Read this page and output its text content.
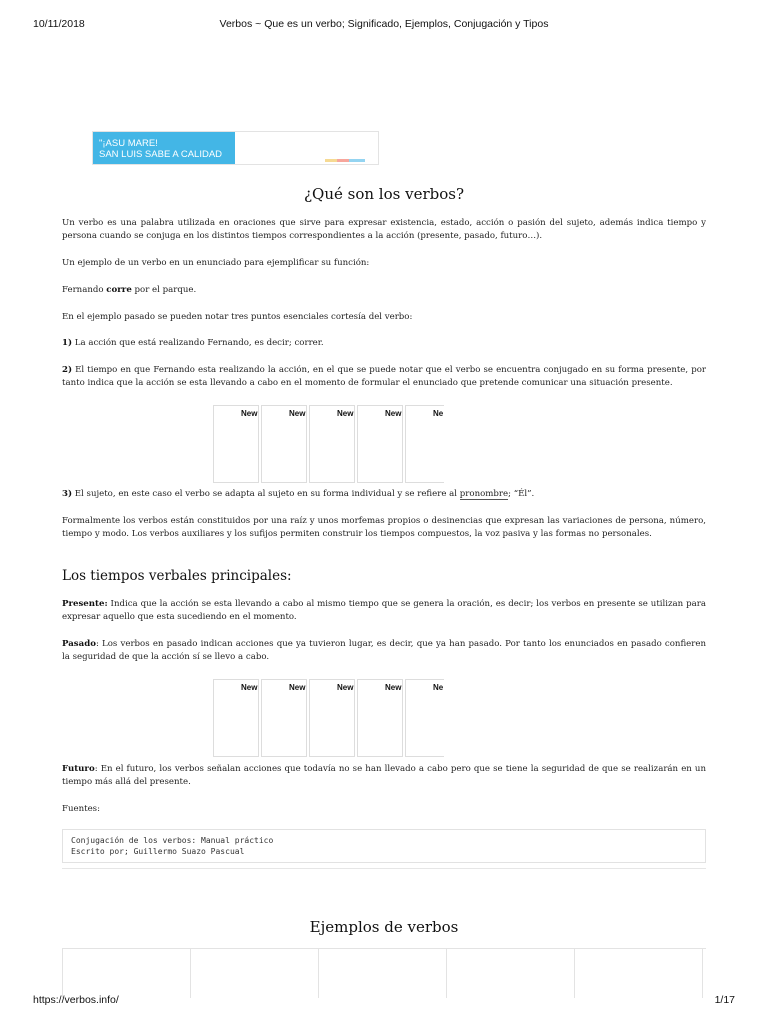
10/11/2018	Verbos ~ Que es un verbo; Significado, Ejemplos, Conjugación y Tipos
"¡ASU MARE!
SAN LUIS SABE A CALIDAD
¿Qué son los verbos?

Un verbo es una palabra utilizada en oraciones que sirve para expresar existencia, estado, acción o pasión del sujeto, además indica tiempo y persona cuando se conjuga en los distintos tiempos correspondientes a la acción (presente, pasado, futuro…).

Un ejemplo de un verbo en un enunciado para ejemplificar su función:

Fernando corre por el parque.

En el ejemplo pasado se pueden notar tres puntos esenciales cortesía del verbo:

1) La acción que está realizando Fernando, es decir; correr.

2) El tiempo en que Fernando esta realizando la acción, en el que se puede notar que el verbo se encuentra conjugado en su forma presente, por tanto indica que la acción se esta llevando a cabo en el momento de formular el enunciado que pretende comunicar una situación presente.

New	New	New	New	Ne

3) El sujeto, en este caso el verbo se adapta al sujeto en su forma individual y se refiere al pronombre; “Él”.

Formalmente los verbos están constituidos por una raíz y unos morfemas propios o desinencias que expresan las variaciones de persona, número, tiempo y modo. Los verbos auxiliares y los sufijos permiten construir los tiempos compuestos, la voz pasiva y las formas no personales.

Los tiempos verbales principales:

Presente: Indica que la acción se esta llevando a cabo al mismo tiempo que se genera la oración, es decir; los verbos en presente se utilizan para expresar aquello que esta sucediendo en el momento.

Pasado: Los verbos en pasado indican acciones que ya tuvieron lugar, es decir, que ya han pasado. Por tanto los enunciados en pasado confieren la seguridad de que la acción sí se llevo a cabo.

New	New	New	New	Ne

Futuro: En el futuro, los verbos señalan acciones que todavía no se han llevado a cabo pero que se tiene la seguridad de que se realizarán en un tiempo más allá del presente.

Fuentes:

Conjugación de los verbos: Manual práctico
Escrito por; Guillermo Suazo Pascual
Ejemplos de verbos
https://verbos.info/	1/17
